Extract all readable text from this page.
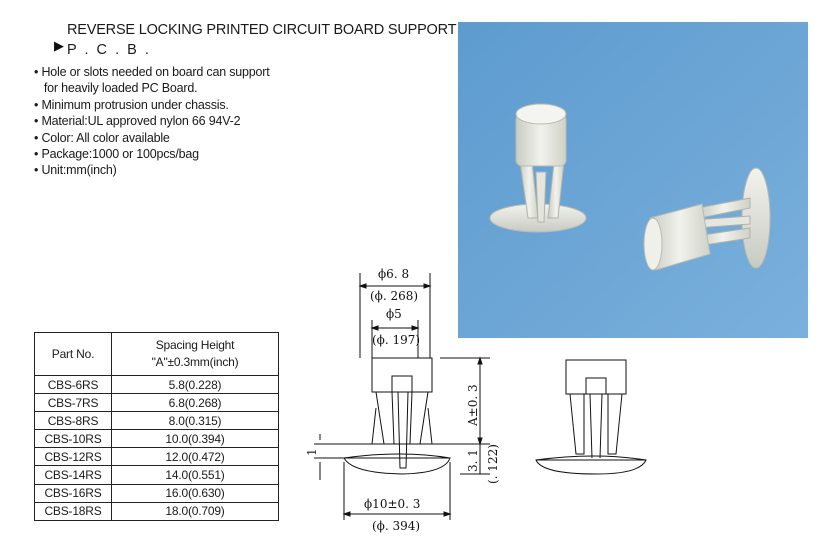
▶
REVERSE LOCKING PRINTED CIRCUIT BOARD SUPPORT
P  .  C  .  B  .
• Hole or slots needed on board can support
for heavily loaded PC Board.
• Minimum protrusion under chassis.
• Material:UL approved nylon 66 94V-2
• Color: All color available
• Package:1000 or 100pcs/bag
• Unit:mm(inch)
Part No.	Spacing Height
"A"±0.3mm(inch)

CBS-6RS	5.8(0.228)
CBS-7RS	6.8(0.268)
CBS-8RS	8.0(0.315)
CBS-10RS	10.0(0.394)
CBS-12RS	12.0(0.472)
CBS-14RS	14.0(0.551)
CBS-16RS	16.0(0.630)
CBS-18RS	18.0(0.709)
ϕ6. 8
(ϕ. 268)
ϕ5
(ϕ. 197)
A±0. 3
3. 1 (. 122)
1
ϕ10±0. 3
(ϕ. 394)
